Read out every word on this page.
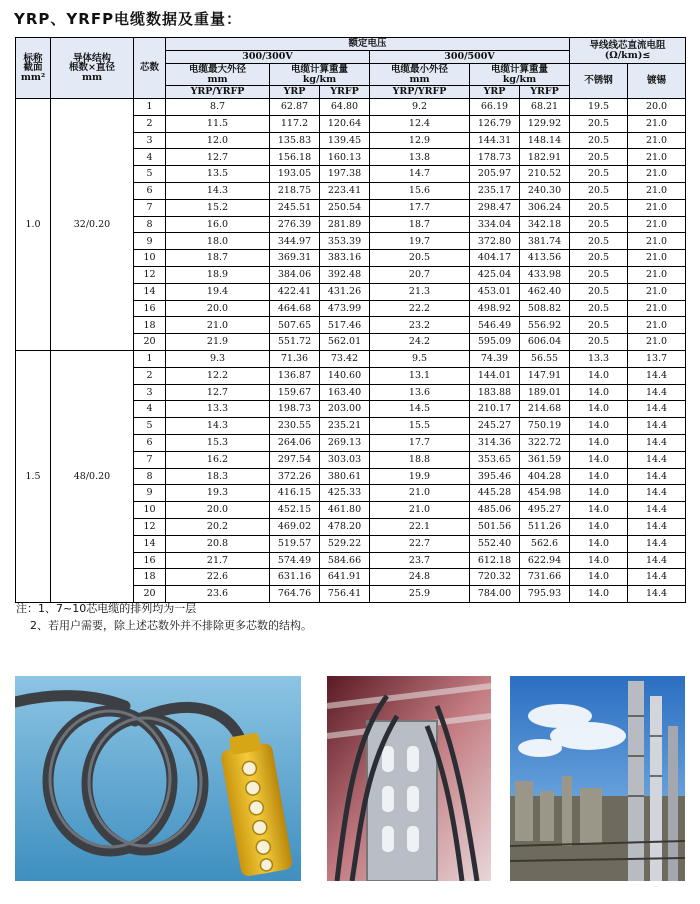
YRP、YRFP电缆数据及重量：
标称
截面
mm²	导体结构
根数×直径
mm	芯数	额定电压						导线线芯直流电阻
(Ω/km)≤	
			300/300V			300/500V				
			电缆最大外径
mm	电缆计算重量
kg/km		电缆最小外径
mm	电缆计算重量
kg/km		不锈钢	镀锡
			YRP/YRFP	YRP	YRFP	YRP/YRFP	YRP	YRFP		
1.0	32/0.20	1	8.7	62.87	64.80	9.2	66.19	68.21	19.5	20.0
		2	11.5	117.2	120.64	12.4	126.79	129.92	20.5	21.0
		3	12.0	135.83	139.45	12.9	144.31	148.14	20.5	21.0
		4	12.7	156.18	160.13	13.8	178.73	182.91	20.5	21.0
		5	13.5	193.05	197.38	14.7	205.97	210.52	20.5	21.0
		6	14.3	218.75	223.41	15.6	235.17	240.30	20.5	21.0
		7	15.2	245.51	250.54	17.7	298.47	306.24	20.5	21.0
		8	16.0	276.39	281.89	18.7	334.04	342.18	20.5	21.0
		9	18.0	344.97	353.39	19.7	372.80	381.74	20.5	21.0
		10	18.7	369.31	383.16	20.5	404.17	413.56	20.5	21.0
		12	18.9	384.06	392.48	20.7	425.04	433.98	20.5	21.0
		14	19.4	422.41	431.26	21.3	453.01	462.40	20.5	21.0
		16	20.0	464.68	473.99	22.2	498.92	508.82	20.5	21.0
		18	21.0	507.65	517.46	23.2	546.49	556.92	20.5	21.0
		20	21.9	551.72	562.01	24.2	595.09	606.04	20.5	21.0
1.5	48/0.20	1	9.3	71.36	73.42	9.5	74.39	56.55	13.3	13.7
		2	12.2	136.87	140.60	13.1	144.01	147.91	14.0	14.4
		3	12.7	159.67	163.40	13.6	183.88	189.01	14.0	14.4
		4	13.3	198.73	203.00	14.5	210.17	214.68	14.0	14.4
		5	14.3	230.55	235.21	15.5	245.27	750.19	14.0	14.4
		6	15.3	264.06	269.13	17.7	314.36	322.72	14.0	14.4
		7	16.2	297.54	303.03	18.8	353.65	361.59	14.0	14.4
		8	18.3	372.26	380.61	19.9	395.46	404.28	14.0	14.4
		9	19.3	416.15	425.33	21.0	445.28	454.98	14.0	14.4
		10	20.0	452.15	461.80	21.0	485.06	495.27	14.0	14.4
		12	20.2	469.02	478.20	22.1	501.56	511.26	14.0	14.4
		14	20.8	519.57	529.22	22.7	552.40	562.6	14.0	14.4
		16	21.7	574.49	584.66	23.7	612.18	622.94	14.0	14.4
		18	22.6	631.16	641.91	24.8	720.32	731.66	14.0	14.4
		20	23.6	764.76	756.41	25.9	784.00	795.93	14.0	14.4
注：1、7~10芯电缆的排列均为一层
2、若用户需要，除上述芯数外并不排除更多芯数的结构。
